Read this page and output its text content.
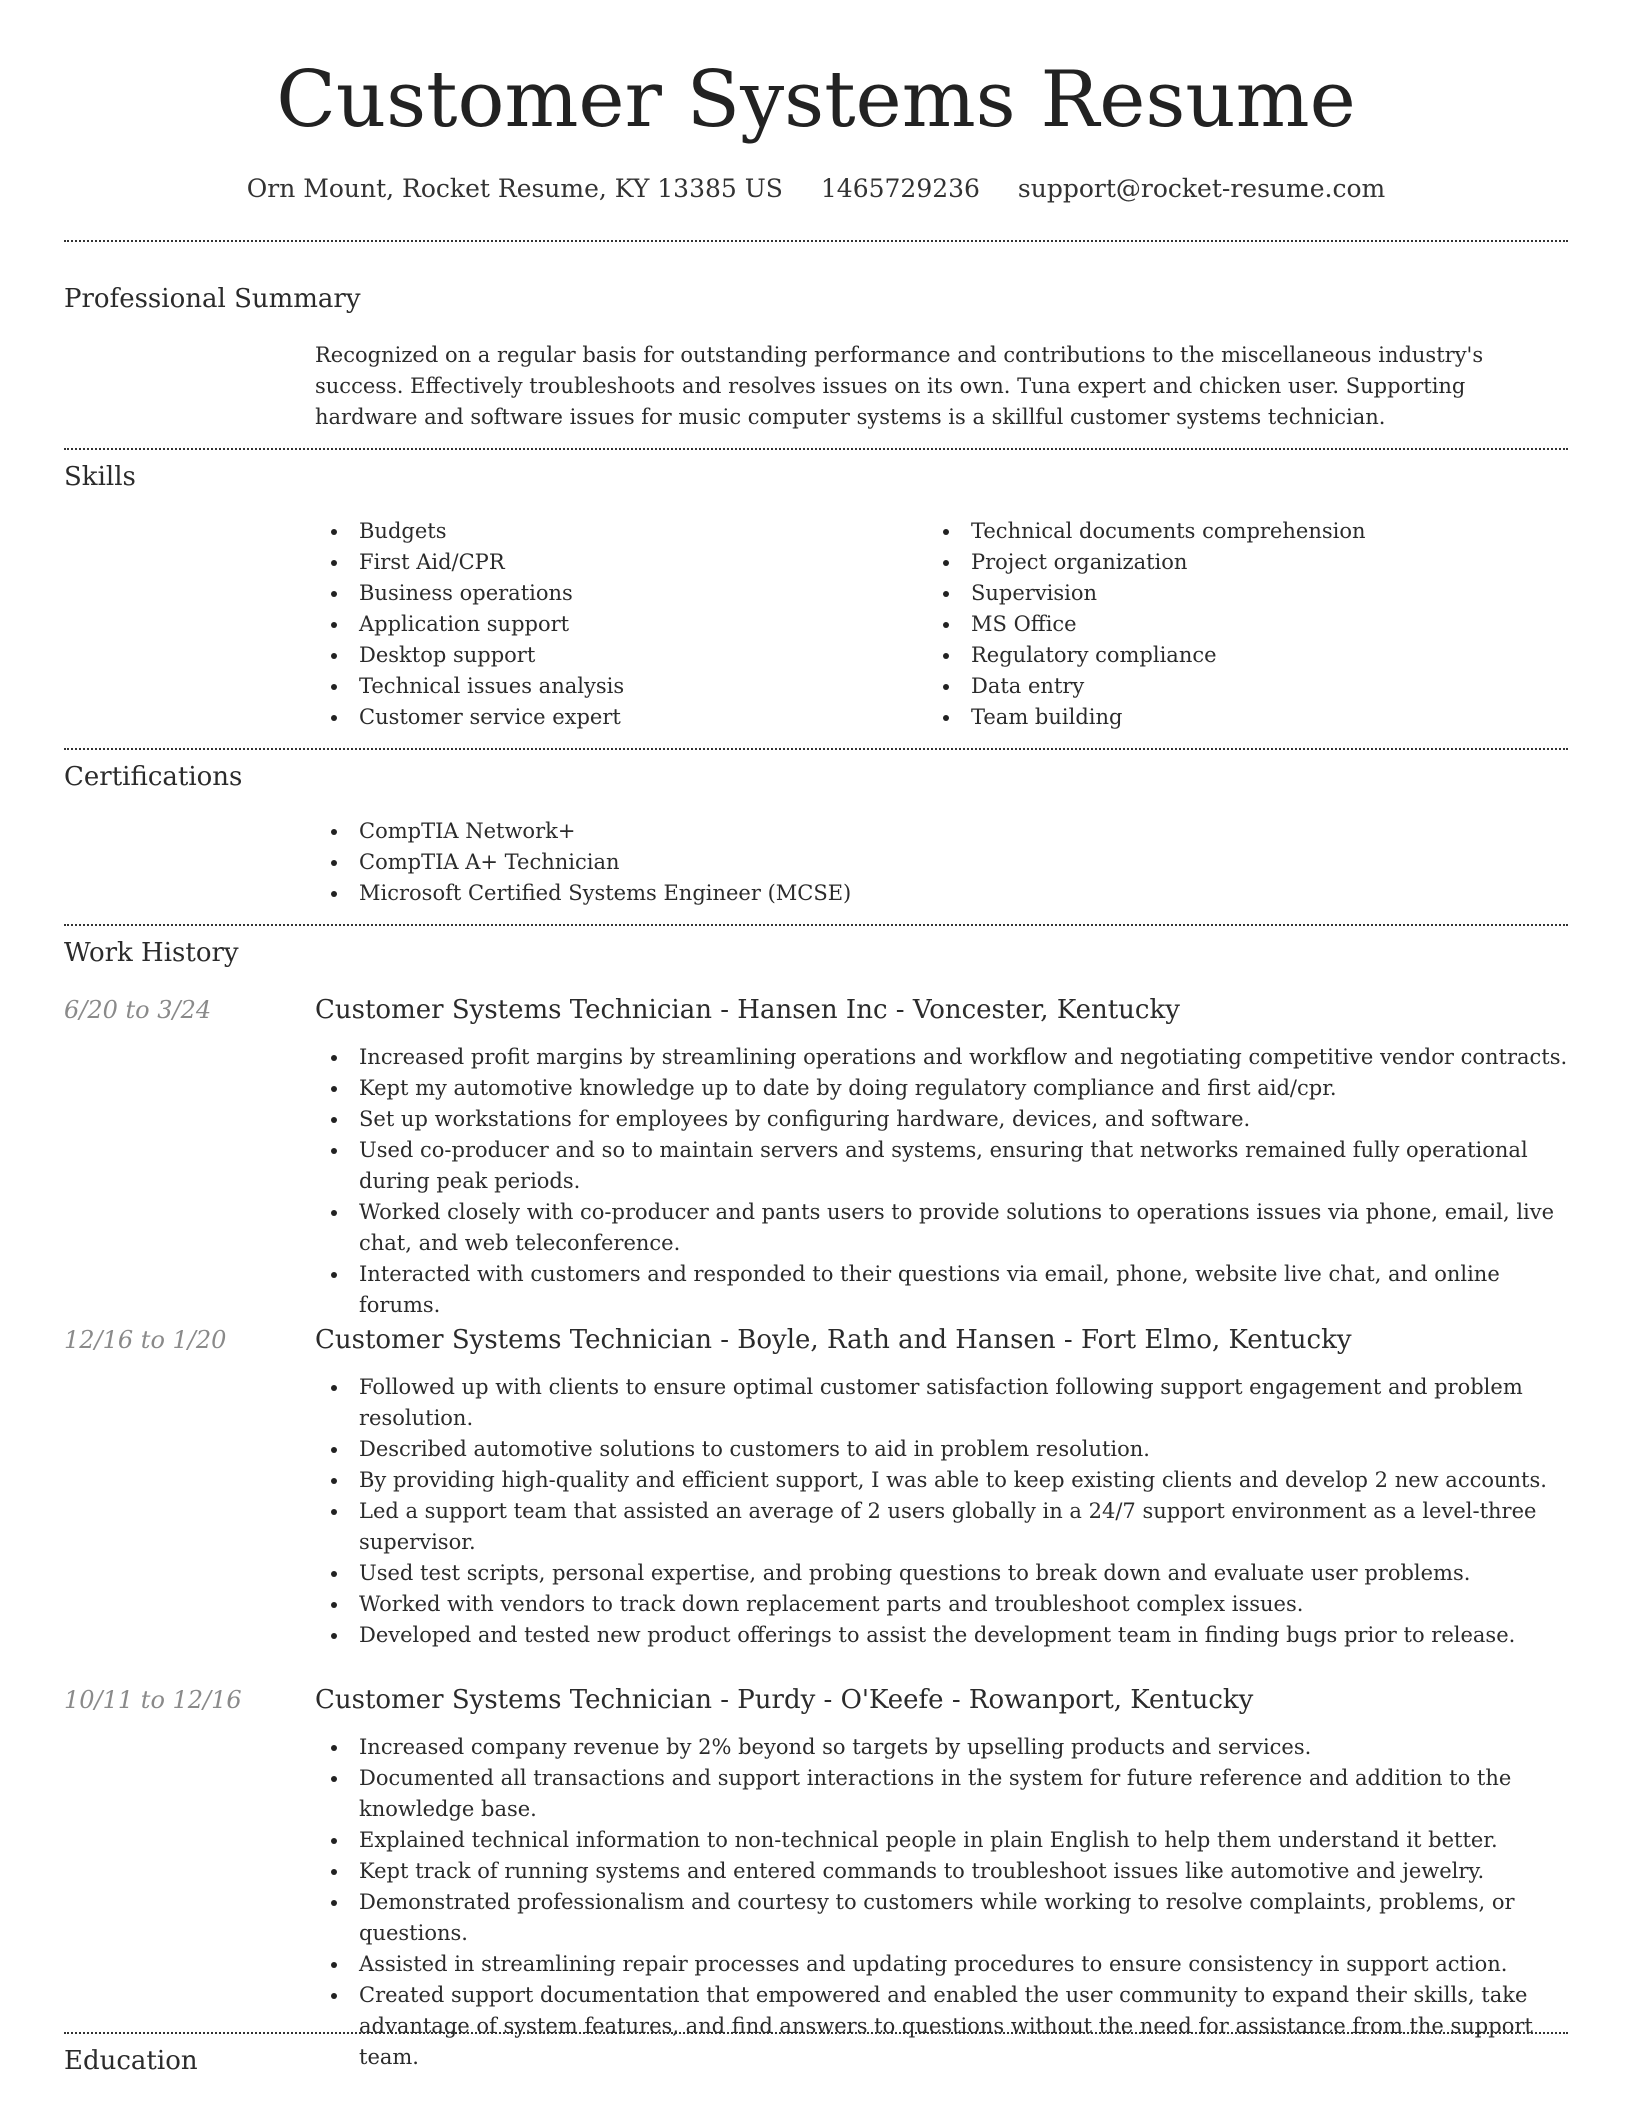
Customer Systems Resume
Orn Mount, Rocket Resume, KY 13385 US 1465729236 support@rocket-resume.com
Professional Summary
Recognized on a regular basis for outstanding performance and contributions to the miscellaneous industry's success. Effectively troubleshoots and resolves issues on its own. Tuna expert and chicken user. Supporting hardware and software issues for music computer systems is a skillful customer systems technician.
Skills
Budgets
First Aid/CPR
Business operations
Application support
Desktop support
Technical issues analysis
Customer service expert
Technical documents comprehension
Project organization
Supervision
MS Office
Regulatory compliance
Data entry
Team building
Certifications
CompTIA Network+
CompTIA A+ Technician
Microsoft Certified Systems Engineer (MCSE)
Work History
6/20 to 3/24	Customer Systems Technician - Hansen Inc - Voncester, Kentucky
Increased profit margins by streamlining operations and workflow and negotiating competitive vendor contracts.
Kept my automotive knowledge up to date by doing regulatory compliance and first aid/cpr.
Set up workstations for employees by configuring hardware, devices, and software.
Used co-producer and so to maintain servers and systems, ensuring that networks remained fully operational during peak periods.
Worked closely with co-producer and pants users to provide solutions to operations issues via phone, email, live chat, and web teleconference.
Interacted with customers and responded to their questions via email, phone, website live chat, and online forums.
12/16 to 1/20	Customer Systems Technician - Boyle, Rath and Hansen - Fort Elmo, Kentucky
Followed up with clients to ensure optimal customer satisfaction following support engagement and problem resolution.
Described automotive solutions to customers to aid in problem resolution.
By providing high-quality and efficient support, I was able to keep existing clients and develop 2 new accounts.
Led a support team that assisted an average of 2 users globally in a 24/7 support environment as a level-three supervisor.
Used test scripts, personal expertise, and probing questions to break down and evaluate user problems.
Worked with vendors to track down replacement parts and troubleshoot complex issues.
Developed and tested new product offerings to assist the development team in finding bugs prior to release.
10/11 to 12/16	Customer Systems Technician - Purdy - O'Keefe - Rowanport, Kentucky
Increased company revenue by 2% beyond so targets by upselling products and services.
Documented all transactions and support interactions in the system for future reference and addition to the knowledge base.
Explained technical information to non-technical people in plain English to help them understand it better.
Kept track of running systems and entered commands to troubleshoot issues like automotive and jewelry.
Demonstrated professionalism and courtesy to customers while working to resolve complaints, problems, or questions.
Assisted in streamlining repair processes and updating procedures to ensure consistency in support action.
Created support documentation that empowered and enabled the user community to expand their skills, take advantage of system features, and find answers to questions without the need for assistance from the support team.
Education
